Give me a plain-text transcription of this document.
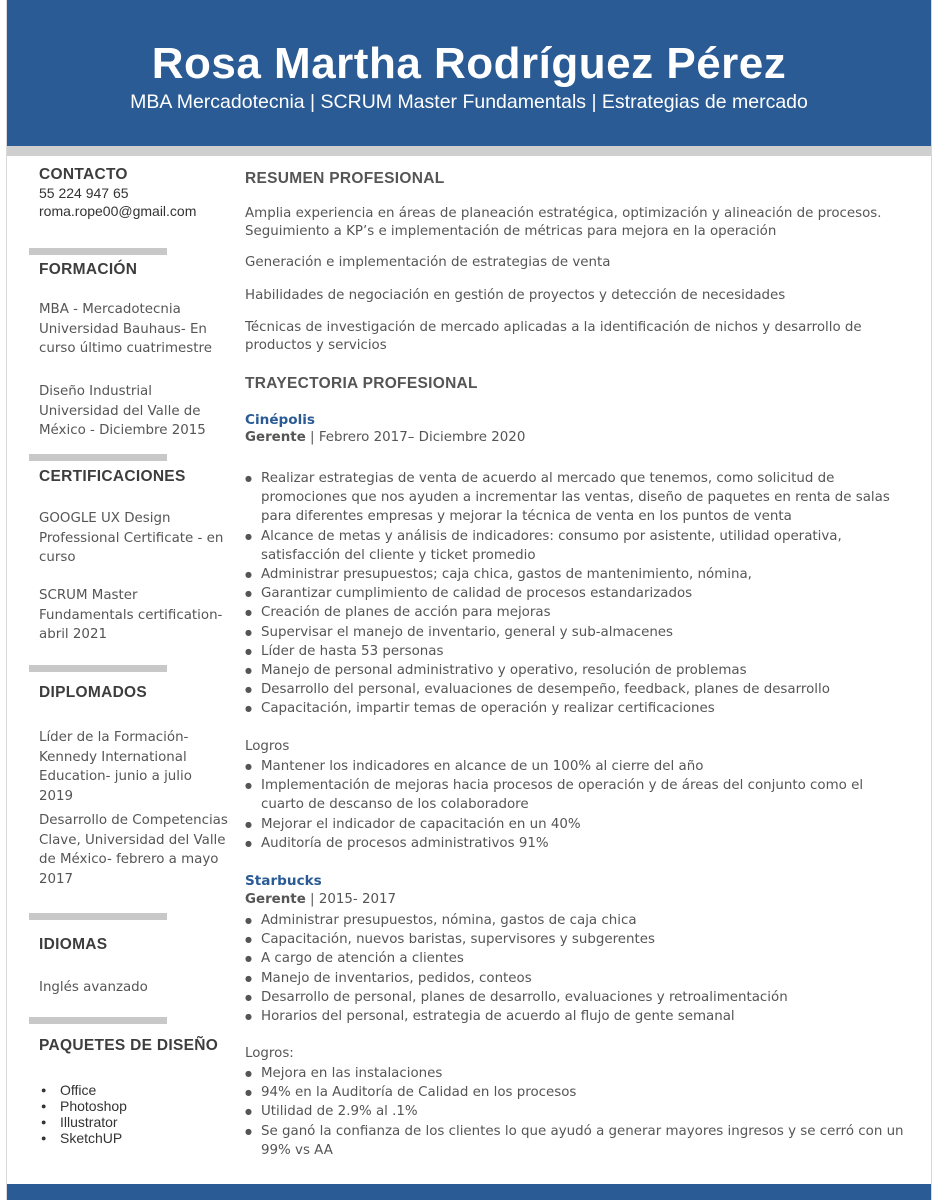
Rosa Martha Rodríguez Pérez
MBA Mercadotecnia | SCRUM Master Fundamentals | Estrategias de mercado
CONTACTO
55 224 947 65
roma.rope00@gmail.com
FORMACIÓN
MBA - Mercadotecnia Universidad Bauhaus- En curso último cuatrimestre
Diseño Industrial Universidad del Valle de México - Diciembre 2015
CERTIFICACIONES
GOOGLE UX Design Professional Certificate - en curso
SCRUM Master Fundamentals certification- abril 2021
DIPLOMADOS
Líder de la Formación- Kennedy International Education- junio a julio 2019
Desarrollo de Competencias Clave, Universidad del Valle de México- febrero a mayo 2017
IDIOMAS
Inglés avanzado
PAQUETES DE DISEÑO
● Office
● Photoshop
● Illustrator
● SketchUP
RESUMEN PROFESIONAL
Amplia experiencia en áreas de planeación estratégica, optimización y alineación de procesos. Seguimiento a KP’s e implementación de métricas para mejora en la operación
Generación e implementación de estrategias de venta
Habilidades de negociación en gestión de proyectos y detección de necesidades
Técnicas de investigación de mercado aplicadas a la identificación de nichos y desarrollo de productos y servicios
TRAYECTORIA PROFESIONAL
Cinépolis
Gerente | Febrero 2017– Diciembre 2020
● Realizar estrategias de venta de acuerdo al mercado que tenemos, como solicitud de promociones que nos ayuden a incrementar las ventas, diseño de paquetes en renta de salas para diferentes empresas y mejorar la técnica de venta en los puntos de venta
● Alcance de metas y análisis de indicadores: consumo por asistente, utilidad operativa, satisfacción del cliente y ticket promedio
● Administrar presupuestos; caja chica, gastos de mantenimiento, nómina,
● Garantizar cumplimiento de calidad de procesos estandarizados
● Creación de planes de acción para mejoras
● Supervisar el manejo de inventario, general y sub-almacenes
● Líder de hasta 53 personas
● Manejo de personal administrativo y operativo, resolución de problemas
● Desarrollo del personal, evaluaciones de desempeño, feedback, planes de desarrollo
● Capacitación, impartir temas de operación y realizar certificaciones
Logros
● Mantener los indicadores en alcance de un 100% al cierre del año
● Implementación de mejoras hacia procesos de operación y de áreas del conjunto como el cuarto de descanso de los colaboradore
● Mejorar el indicador de capacitación en un 40%
● Auditoría de procesos administrativos 91%
Starbucks
Gerente | 2015- 2017
● Administrar presupuestos, nómina, gastos de caja chica
● Capacitación, nuevos baristas, supervisores y subgerentes
● A cargo de atención a clientes
● Manejo de inventarios, pedidos, conteos
● Desarrollo de personal, planes de desarrollo, evaluaciones y retroalimentación
● Horarios del personal, estrategia de acuerdo al flujo de gente semanal
Logros:
● Mejora en las instalaciones
● 94% en la Auditoría de Calidad en los procesos
● Utilidad de 2.9% al .1%
● Se ganó la confianza de los clientes lo que ayudó a generar mayores ingresos y se cerró con un 99% vs AA
